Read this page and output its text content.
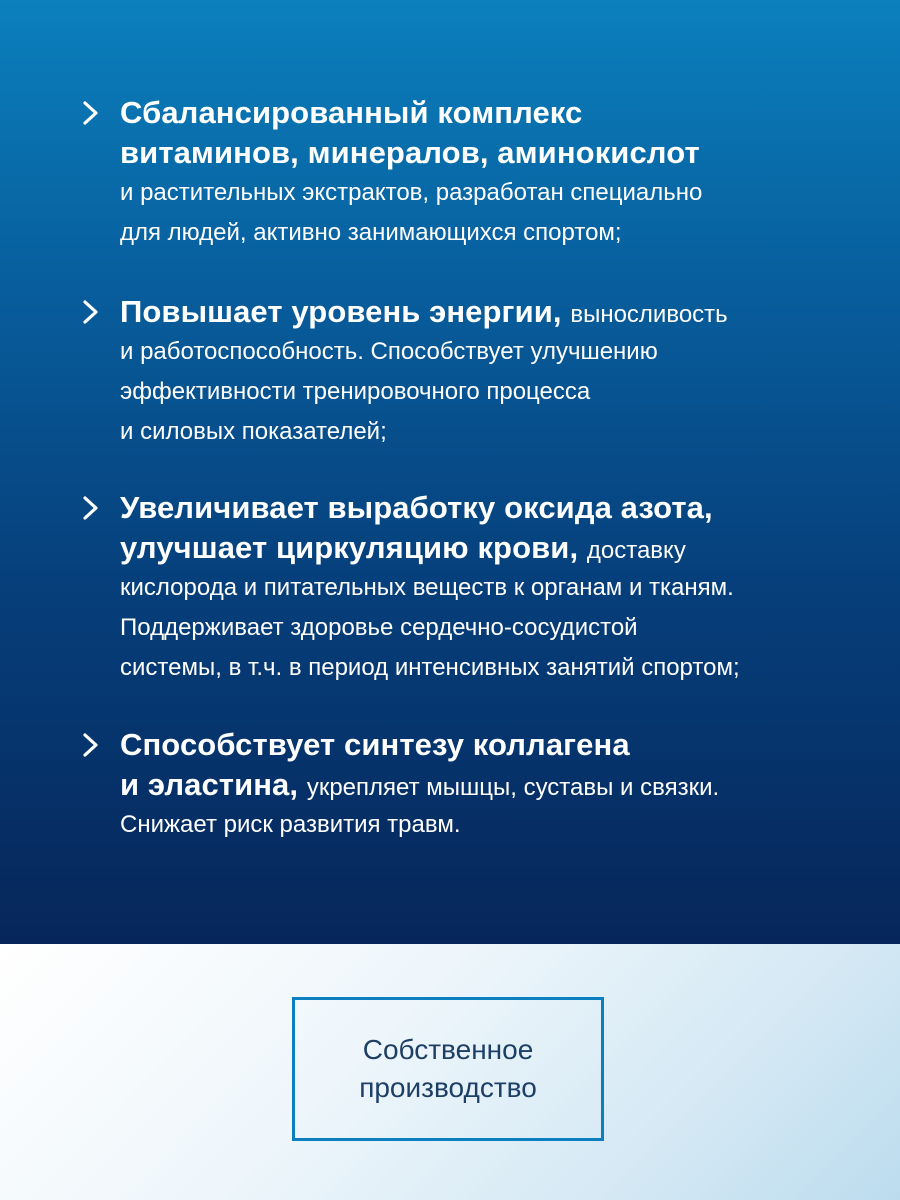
Сбалансированный комплекс
витаминов, минералов, аминокислот
и растительных экстрактов, разработан специально
для людей, активно занимающихся спортом;
Повышает уровень энергии, выносливость
и работоспособность. Способствует улучшению
эффективности тренировочного процесса
и силовых показателей;
Увеличивает выработку оксида азота,
улучшает циркуляцию крови, доставку
кислорода и питательных веществ к органам и тканям.
Поддерживает здоровье сердечно-сосудистой
системы, в т.ч. в период интенсивных занятий спортом;
Способствует синтезу коллагена
и эластина, укрепляет мышцы, суставы и связки.
Снижает риск развития травм.
Собственное
производство
